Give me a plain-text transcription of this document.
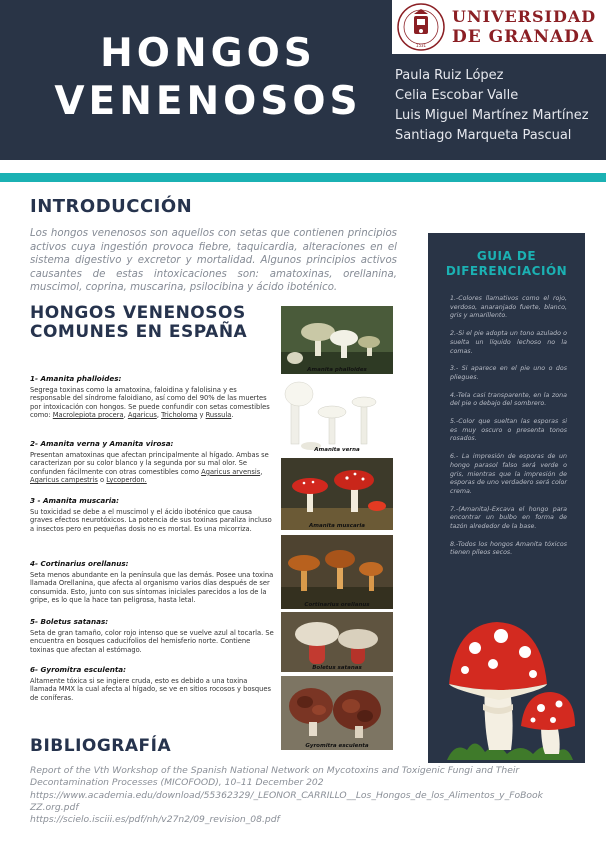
HONGOS
VENENOSOS
1531
UNIVERSIDAD
DE GRANADA
Paula Ruiz López
Celia Escobar Valle
Luis Miguel Martínez Martínez
Santiago Marqueta Pascual
INTRODUCCIÓN
Los hongos venenosos son aquellos con setas que contienen principios activos cuya ingestión provoca fiebre, taquicardia, alteraciones en el sistema digestivo y excretor y mortalidad. Algunos principios activos causantes de estas intoxicaciones son: amatoxinas, orellanina, muscimol, coprina, muscarina, psilocibina y ácido iboténico.
HONGOS VENENOSOS
COMUNES EN ESPAÑA
1- Amanita phalloides:
Segrega toxinas como la amatoxina, faloidina y falolisina y es responsable del síndrome faloidiano, así como del 90% de las muertes por intoxicación con hongos. Se puede confundir con setas comestibles como: Macrolepiota procera, Agaricus, Tricholoma y Russula.
2- Amanita verna y Amanita virosa:
Presentan amatoxinas que afectan principalmente al hígado. Ambas se caracterizan por su color blanco y la segunda por su mal olor. Se confunden fácilmente con otras comestibles como Agaricus arvensis, Agaricus campestris o Lycoperdon.
3 - Amanita muscaria:
Su toxicidad se debe a el muscimol y el ácido iboténico que causa graves efectos neurotóxicos. La potencia de sus toxinas paraliza incluso a insectos pero en pequeñas dosis no es mortal. Es una micorriza.
4- Cortinarius orellanus:
Seta menos abundante en la península que las demás. Posee una toxina llamada Orellanina, que afecta al organismo varios días después de ser consumida. Esto, junto con sus síntomas iniciales parecidos a los de la gripe, es lo que la hace tan peligrosa, hasta letal.
5- Boletus satanas:
Seta de gran tamaño, color rojo intenso que se vuelve azul al tocarla. Se encuentra en bosques caducifolios del hemisferio norte. Contiene toxinas que afectan al estómago.
6- Gyromitra esculenta:
Altamente tóxica si se ingiere cruda, esto es debido a una toxina llamada MMX la cual afecta al hígado, se ve en sitios rocosos y bosques de coníferas.
Amanita phalloides
Amanita verna
Amanita muscaria
Cortinarius orellanus
Boletus satanas
Gyromitra esculenta
GUIA DE
DIFERENCIACIÓN

1.-Colores llamativos como el rojo, verdoso, anaranjado fuerte, blanco, gris y amarillento.

2.-Si el pie adopta un tono azulado o suelta un líquido lechoso no la comas.

3.- Si aparece en el pie uno o dos pliegues.

4.-Tela casi transparente, en la zona del pie o debajo del sombrero.

5.-Color que sueltan las esporas si es muy oscuro o presenta tonos rosados.

6.- La impresión de esporas de un hongo parasol falso será verde o gris, mientras que la impresión de esporas de uno verdadero será color crema.

7.-(Amanita)-Excava el hongo para encontrar un bulbo en forma de tazón alrededor de la base.

8.-Todos los hongos Amanita tóxicos tienen píleos secos.

BIBLIOGRAFÍA

Report of the Vth Workshop of the Spanish National Network on Mycotoxins and Toxigenic Fungi and Their Decontamination Processes (MICOFOOD), 10–11 December 202

https://www.academia.edu/download/55362329/_LEONOR_CARRILLO__Los_Hongos_de_los_Alimentos_y_FoBook ZZ.org.pdf

https://scielo.isciii.es/pdf/nh/v27n2/09_revision_08.pdf
